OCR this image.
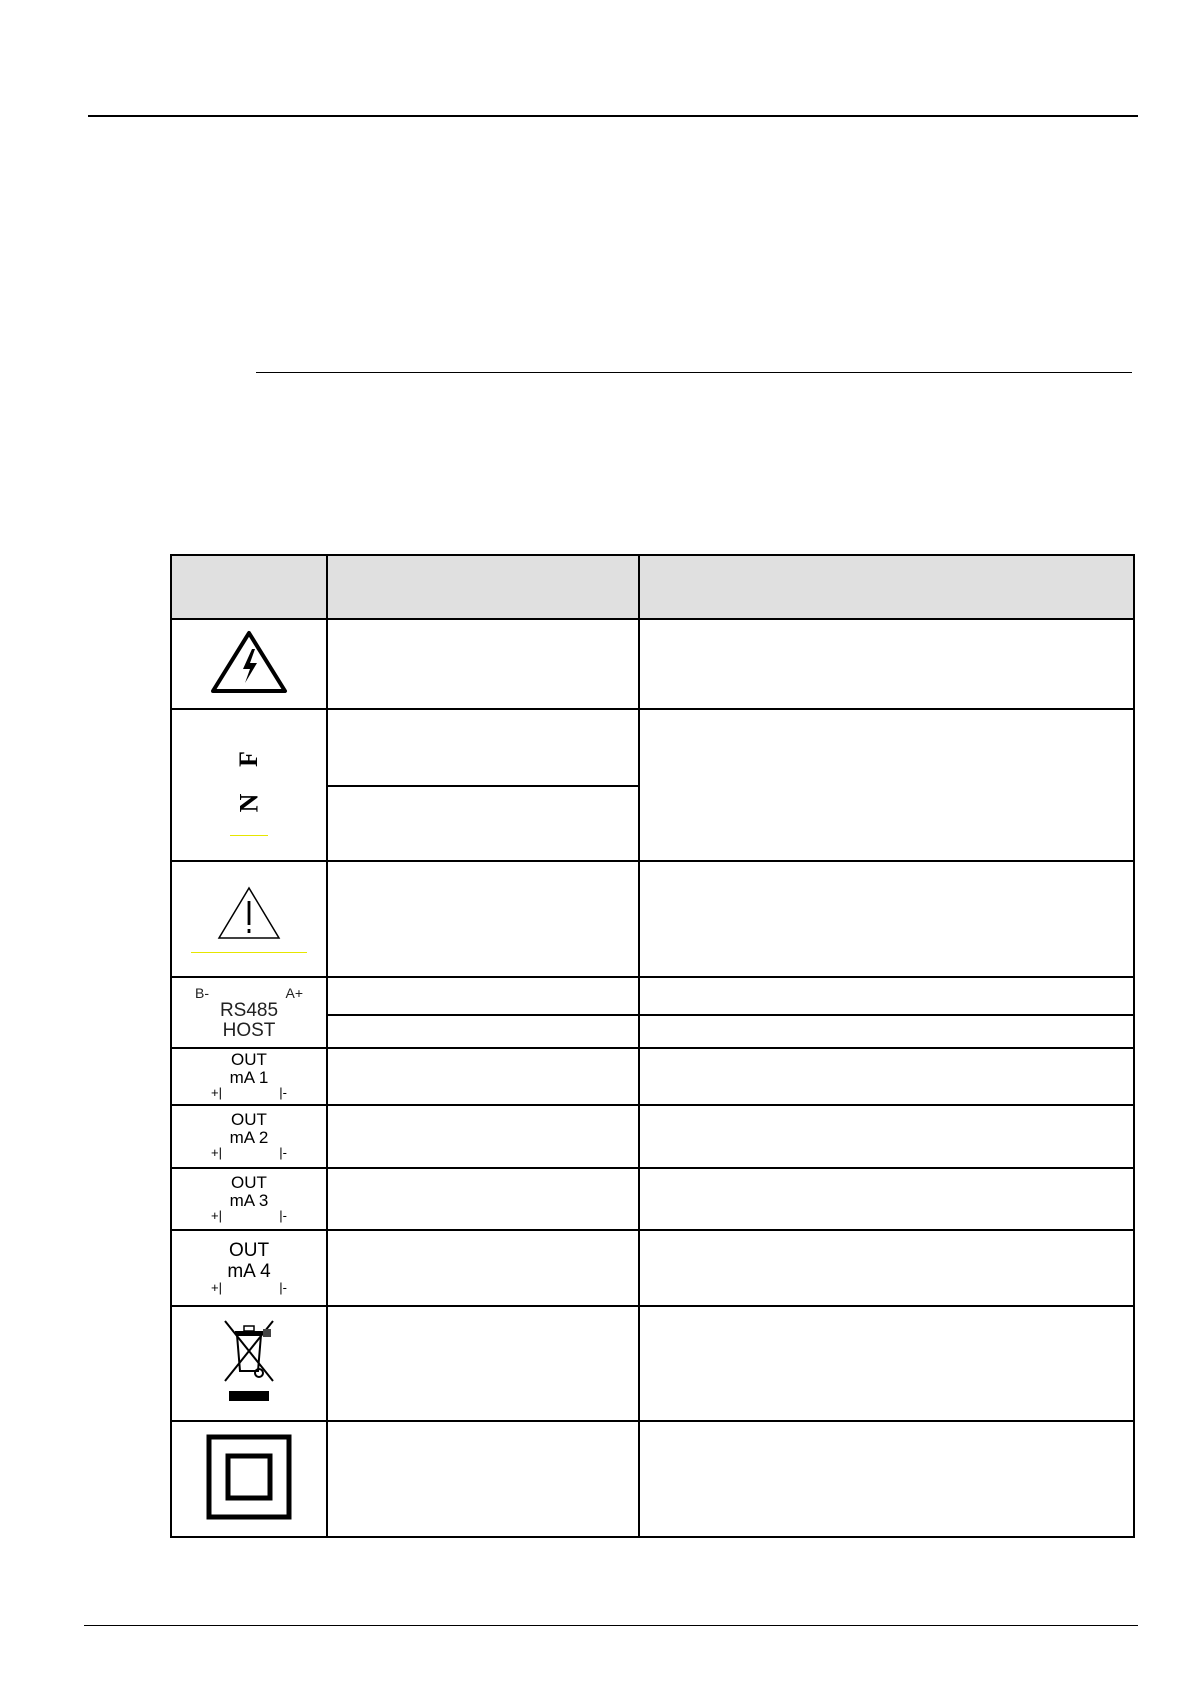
F
N		

B- A+
RS485
HOST		

OUT
mA 1
+| |-		

OUT
mA 2
+| |-		

OUT
mA 3
+| |-		

OUT
mA 4
+| |-		
